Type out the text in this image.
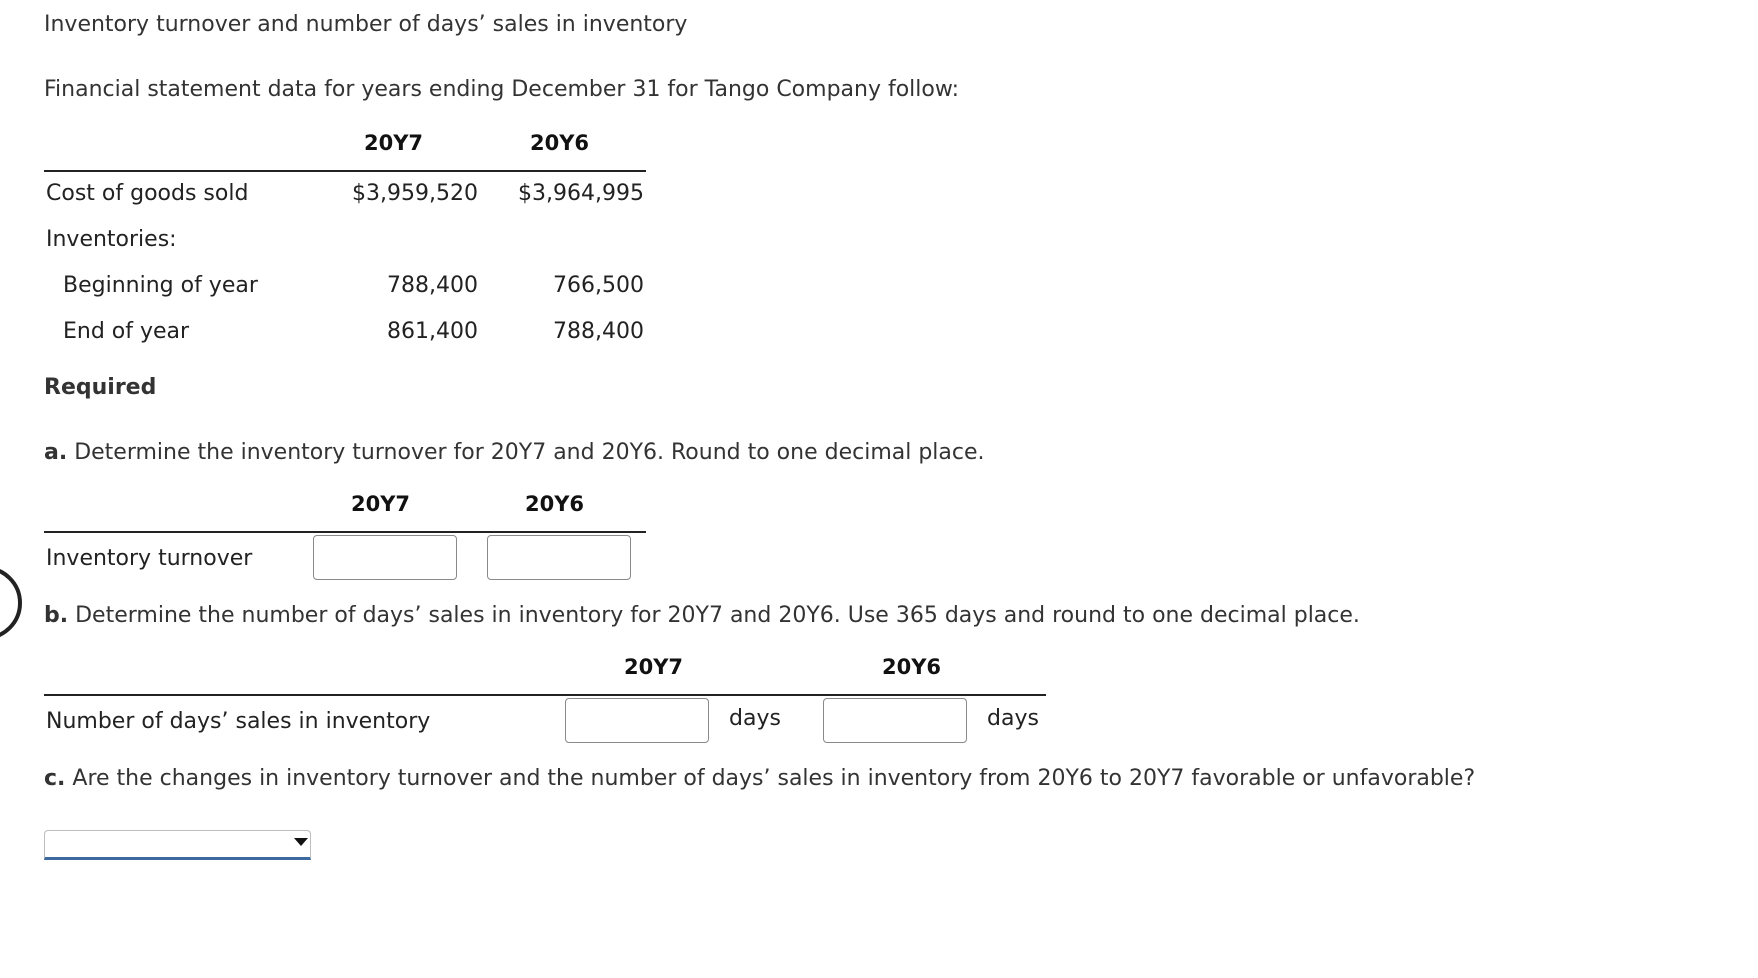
Inventory turnover and number of days’ sales in inventory
Financial statement data for years ending December 31 for Tango Company follow:
20Y7	20Y6
Cost of goods sold	$3,959,520	$3,964,995
Inventories:
Beginning of year	788,400	766,500
End of year	861,400	788,400
Required
a. Determine the inventory turnover for 20Y7 and 20Y6. Round to one decimal place.
20Y7	20Y6
Inventory turnover
b. Determine the number of days’ sales in inventory for 20Y7 and 20Y6. Use 365 days and round to one decimal place.
20Y7	20Y6
Number of days’ sales in inventory	days	days
c. Are the changes in inventory turnover and the number of days’ sales in inventory from 20Y6 to 20Y7 favorable or unfavorable?
